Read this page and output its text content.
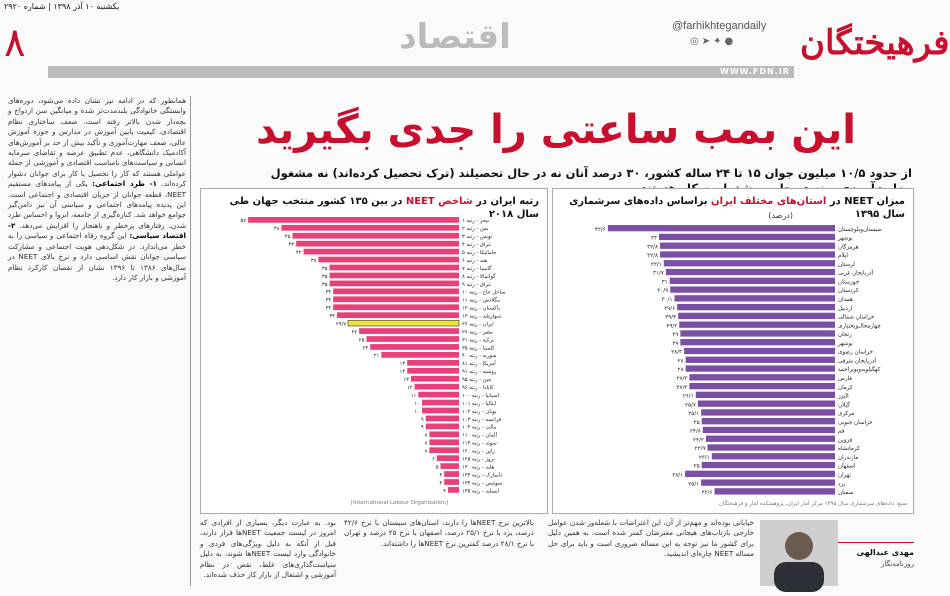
یکشنبه ۱۰ آذر ۱۳۹۸ | شماره ۲۹۲۰
۸	اقتصاد	@farhikhtegandaily
◎➤✦● فرهیختگان
WWW.FDN.IR
همانطور که در ادامه نیز نشان داده می‌شود، دوره‌های وابستگی خانوادگی بلندمدت‌تر شده و میانگین سن ازدواج و بچه‌دار شدن بالاتر رفته است. ضعف ساختاری نظام اقتصادی، کیفیت پایین آموزش در مدارس و حوزه آموزش عالی، ضعف مهارت‌آموزی و تأکید بیش از حد بر آموزش‌های آکادمیک دانشگاهی، عدم تطبیق عرضه و تقاضای سرمایه انسانی و سیاست‌های نامناسب اقتصادی و آموزشی از جمله عواملی هستند که کار را تحصیل با کار برای جوانان دشوار کرده‌اند. ۱- طرد اجتماعی: یکی از پیامدهای مستقیم NEET، قطعه جوانان از جریان اقتصادی و اجتماعی است. این پدیده پیامدهای اجتماعی و سیاسی آن نیز دامن‌گیر جوامع خواهد شد. کناره‌گیری از جامعه، انزوا و احساس طرد شدن، رفتارهای پرخطر و ناهنجار را افزایش می‌دهد. ۲- اقتصاد سیاسی: این گروه رفاه اجتماعی و سیاسی را به خطر می‌اندازد. در شکل‌دهی هویت اجتماعی و مشارکت سیاسی جوانان نقش اساسی دارد و نرخ بالای NEET در سال‌های ۱۳۸۶ تا ۱۳۹۶ نشان از نقصان کارکرد نظام آموزشی و بازار کار دارد.
این بمب ساعتی را جدی بگیرید
از حدود ۱۰/۵ میلیون جوان ۱۵ تا ۲۴ ساله کشور، ۳۰ درصد آنان نه در حال تحصیلند (ترک تحصیل کرده‌اند) نه مشغول
رتبه ایران در شاخص NEET در بین ۱۳۵ کشور منتخب جهان طی سال ۲۰۱۸
نیجر - رتبه ۱
۵۷
یمن - رتبه ۲
۴۸
تونس - رتبه ۳
۴۵
عراق - رتبه ۴
۴۴
جامائیکا - رتبه ۵
۴۲
هند - رتبه ۶
۳۸
گامبیا - رتبه ۷
۳۵
گواتمالا - رتبه ۸
۳۵
عراق - رتبه ۹
۳۵
ساحل عاج - رتبه ۱۰
۳۴
بنگلادش - رتبه ۱۱
۳۴
پاکستان - رتبه ۱۲
۳۴
سوازیلند - رتبه ۱۳
۳۳
ایران - رتبه ۲۶
۲۹/۷
مصر - رتبه ۲۷
۲۷
ترکیه - رتبه ۳۱
۲۵
کلمبیا - رتبه ۳۵
۲۴
سوریه - رتبه ۴۰
۲۱
آمریکا - رتبه ۸۱
۱۴
روسیه - رتبه ۹۱
۱۴
چین - رتبه ۹۵
۱۳
کانادا - رتبه ۹۶
۱۲
اسپانیا - رتبه ۱۰۰
۱۱
ایتالیا - رتبه ۱۰۱
۱۰
یونان - رتبه ۱۰۲
۱۰
فرانسه - رتبه ۱۰۳
۹
مالت - رتبه ۱۰۴
۹
آلمان - رتبه ۱۱۰
۸
سوئد - رتبه ۱۱۴
۸
ژاپن - رتبه ۱۲۰
۸
نروژ - رتبه ۱۲۵
۶
هلند - رتبه ۱۳۰
۵
دانمارک - رتبه ۱۳۳
۴
سوئیس - رتبه ۱۳۴
۴
ایسلند - رتبه ۱۳۵
۳
[International Labour Organization]
میزان NEET در استان‌های مختلف ایران براساس داده‌های سرشماری سال ۱۳۹۵
(درصد)
سیستان‌وبلوچستان
۴۲/۶
بوشهر
۳۳
هرمزگان
۳۲/۸
ایلام
۳۲/۸
لرستان
۳۲/۱
آذربایجان غربی
۳۱/۷
خوزستان
۳۱
کردستان
۳۰/۹
همدان
۳۰/۱
اردبیل
۲۹/۶
خراسان شمالی
۲۹/۴
چهارمحال‌وبختیاری
۲۹/۲
زنجان
۲۹
بوشهر
۲۹
خراسان رضوی
۲۸/۳
آذربایجان شرقی
۲۸
کهگیلویه‌وبویراحمد
۲۸
فارس
۲۷/۳
کرمان
۲۷/۳
البرز
۲۶/۱
گیلان
۲۵/۷
مرکزی
۲۵/۱
خراسان جنوبی
۲۵
قم
۲۴/۸
قزوین
۲۴/۲
کرمانشاه
۲۳/۹
مازندران
۲۳/۱
اصفهان
۲۵
تهران
۲۸/۱
یزد
۲۵/۱
سمنان
۲۲/۶
منبع: داده‌های سرشماری سال ۱۳۹۵ مرکز آمار ایران، پژوهشکده آمار و فرهیختگان
بود. به عبارت دیگر، بسیاری از افرادی که امروز در لیست جمعیت NEETها قرار دارند، قبل از آنکه به دلیل ویژگی‌های فردی و خانوادگی وارد لیست NEETها شوند، به دلیل سیاست‌گذاری‌های غلط، نقص در نظام آموزشی و اشتغال از بازار کار حذف شده‌اند.
بالاترین نرخ NEETها را دارند، استان‌های سیستان با نرخ ۴۲/۶ درصد، یزد با نرخ ۲۵/۱ درصد، اصفهان با نرخ ۲۵ درصد و تهران با نرخ ۲۸/۱ درصد کمترین نرخ NEETها را داشته‌اند.
خیابانی بوده‌اند و مهم‌تر از آن، این اعتراضات با شعله‌ور شدن عوامل خارجی بازتاب‌های هیجانی معترضان کمتر شده است. به همین دلیل برای کشور ما نیز توجه به این مساله ضروری است و باید برای حل مساله NEET چاره‌ای اندیشید.	مهدی عبدالهی
روزنامه‌نگار
